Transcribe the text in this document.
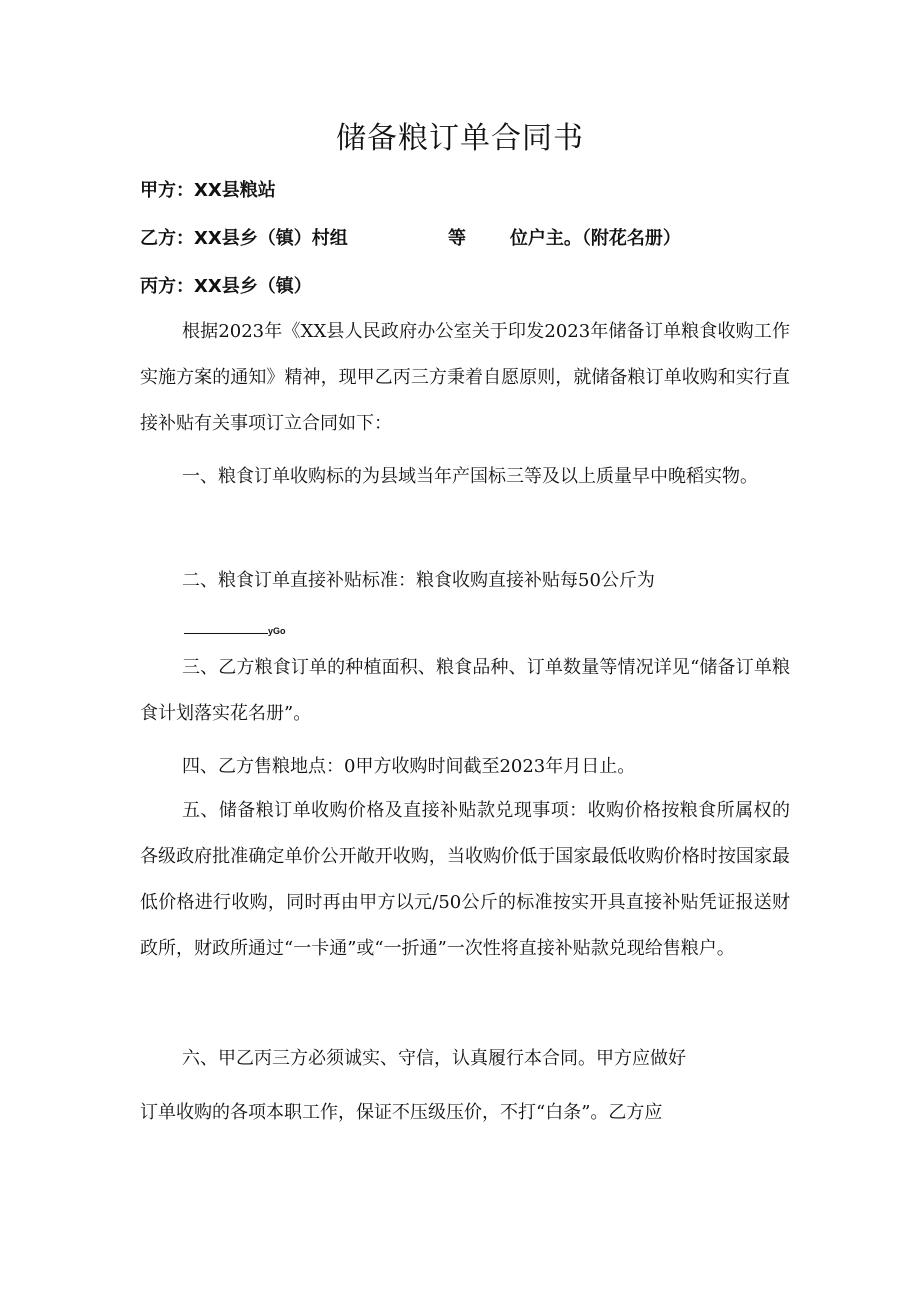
储备粮订单合同书
甲方：XX县粮站
乙方：XX县乡（镇）村组                等       位户主。（附花名册）
丙方：XX县乡（镇）
根据2023年《XX县人民政府办公室关于印发2023年储备订单粮食收购工作实施方案的通知》精神，现甲乙丙三方秉着自愿原则，就储备粮订单收购和实行直接补贴有关事项订立合同如下：
一、粮食订单收购标的为县域当年产国标三等及以上质量早中晚稻实物。
二、粮食订单直接补贴标准：粮食收购直接补贴每50公斤为
yGo
三、乙方粮食订单的种植面积、粮食品种、订单数量等情况详见“储备订单粮食计划落实花名册”。
四、乙方售粮地点：0甲方收购时间截至2023年月日止。
五、储备粮订单收购价格及直接补贴款兑现事项：收购价格按粮食所属权的各级政府批准确定单价公开敞开收购，当收购价低于国家最低收购价格时按国家最低价格进行收购，同时再由甲方以元/50公斤的标准按实开具直接补贴凭证报送财政所，财政所通过“一卡通”或“一折通”一次性将直接补贴款兑现给售粮户。
六、甲乙丙三方必须诚实、守信，认真履行本合同。甲方应做好
订单收购的各项本职工作，保证不压级压价，不打“白条”。乙方应
